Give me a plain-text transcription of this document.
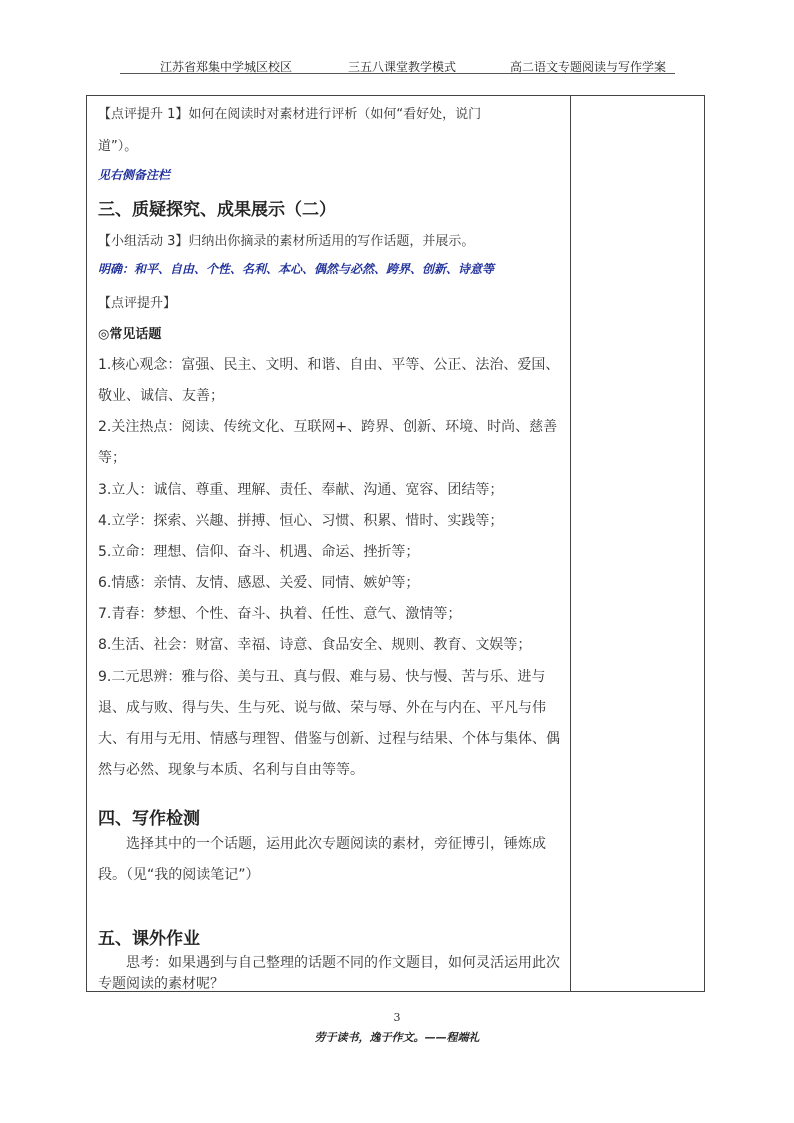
江苏省郑集中学城区校区	三五八课堂教学模式	高二语文专题阅读与写作学案
【点评提升 1】如何在阅读时对素材进行评析（如何“看好处，说门
道”）。
见右侧备注栏
三、质疑探究、成果展示（二）
【小组活动 3】归纳出你摘录的素材所适用的写作话题，并展示。
明确：和平、自由、个性、名利、本心、偶然与必然、跨界、创新、诗意等
【点评提升】
◎常见话题
1.核心观念：富强、民主、文明、和谐、自由、平等、公正、法治、爱国、
敬业、诚信、友善；
2.关注热点：阅读、传统文化、互联网+、跨界、创新、环境、时尚、慈善
等；
3.立人：诚信、尊重、理解、责任、奉献、沟通、宽容、团结等；
4.立学：探索、兴趣、拼搏、恒心、习惯、积累、惜时、实践等；
5.立命：理想、信仰、奋斗、机遇、命运、挫折等；
6.情感：亲情、友情、感恩、关爱、同情、嫉妒等；
7.青春：梦想、个性、奋斗、执着、任性、意气、激情等；
8.生活、社会：财富、幸福、诗意、食品安全、规则、教育、文娱等；
9.二元思辨：雅与俗、美与丑、真与假、难与易、快与慢、苦与乐、进与
退、成与败、得与失、生与死、说与做、荣与辱、外在与内在、平凡与伟
大、有用与无用、情感与理智、借鉴与创新、过程与结果、个体与集体、偶
然与必然、现象与本质、名利与自由等等。
四、写作检测
选择其中的一个话题，运用此次专题阅读的素材，旁征博引，锤炼成
段。（见“我的阅读笔记”）
五、课外作业
思考：如果遇到与自己整理的话题不同的作文题目，如何灵活运用此次
专题阅读的素材呢？
3
劳于读书，逸于作文。——程端礼
